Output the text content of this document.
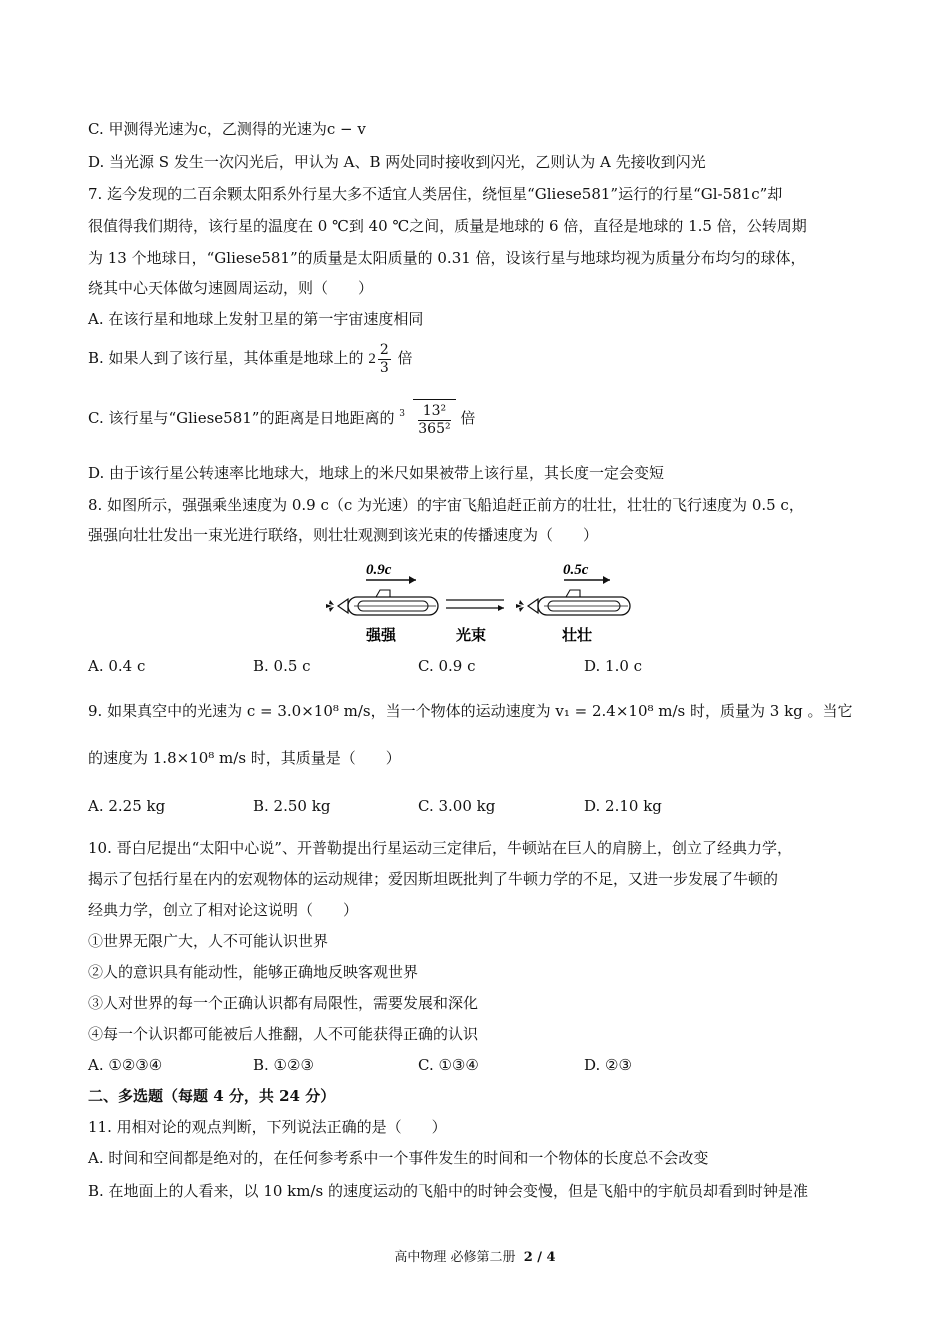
C. 甲测得光速为c，乙测得的光速为c − v
D. 当光源 S 发生一次闪光后，甲认为 A、B 两处同时接收到闪光，乙则认为 A 先接收到闪光
7. 迄今发现的二百余颗太阳系外行星大多不适宜人类居住，绕恒星“Gliese581”运行的行星“Gl-581c”却
很值得我们期待，该行星的温度在 0 ℃到 40 ℃之间，质量是地球的 6 倍，直径是地球的 1.5 倍，公转周期
为 13 个地球日，“Gliese581”的质量是太阳质量的 0.31 倍，设该行星与地球均视为质量分布均匀的球体，
绕其中心天体做匀速圆周运动，则（　　）
A. 在该行星和地球上发射卫星的第一宇宙速度相同
B. 如果人到了该行星，其体重是地球上的 $2 \frac{2}{3}$ 倍
C. 该行星与“Gliese581”的距离是日地距离的 $3 \frac{\text{13²}}{\text{365²}}$ 倍
D. 由于该行星公转速率比地球大，地球上的米尺如果被带上该行星，其长度一定会变短
8. 如图所示，强强乘坐速度为 0.9 c（c 为光速）的宇宙飞船追赶正前方的壮壮，壮壮的飞行速度为 0.5 c，
强强向壮壮发出一束光进行联络，则壮壮观测到该光束的传播速度为（　　）
0.9c	0.5c
强强	光束	壮壮
A. 0.4 c	B. 0.5 c	C. 0.9 c	D. 1.0 c
9. 如果真空中的光速为 c = 3.0×10⁸ m/s，当一个物体的运动速度为 v₁ = 2.4×10⁸ m/s 时，质量为 3 kg 。当它
的速度为 1.8×10⁸ m/s 时，其质量是（　　）
A. 2.25 kg	B. 2.50 kg	C. 3.00 kg	D. 2.10 kg
10. 哥白尼提出“太阳中心说”、开普勒提出行星运动三定律后，牛顿站在巨人的肩膀上，创立了经典力学，
揭示了包括行星在内的宏观物体的运动规律；爱因斯坦既批判了牛顿力学的不足，又进一步发展了牛顿的
经典力学，创立了相对论这说明（　　）
①世界无限广大，人不可能认识世界
②人的意识具有能动性，能够正确地反映客观世界
③人对世界的每一个正确认识都有局限性，需要发展和深化
④每一个认识都可能被后人推翻，人不可能获得正确的认识
A. ①②③④	B. ①②③	C. ①③④	D. ②③
二、多选题（每题 4 分，共 24 分）
11. 用相对论的观点判断，下列说法正确的是（　　）
A. 时间和空间都是绝对的，在任何参考系中一个事件发生的时间和一个物体的长度总不会改变
B. 在地面上的人看来，以 10 km/s 的速度运动的飞船中的时钟会变慢，但是飞船中的宇航员却看到时钟是准
高中物理 必修第二册 2 / 4
